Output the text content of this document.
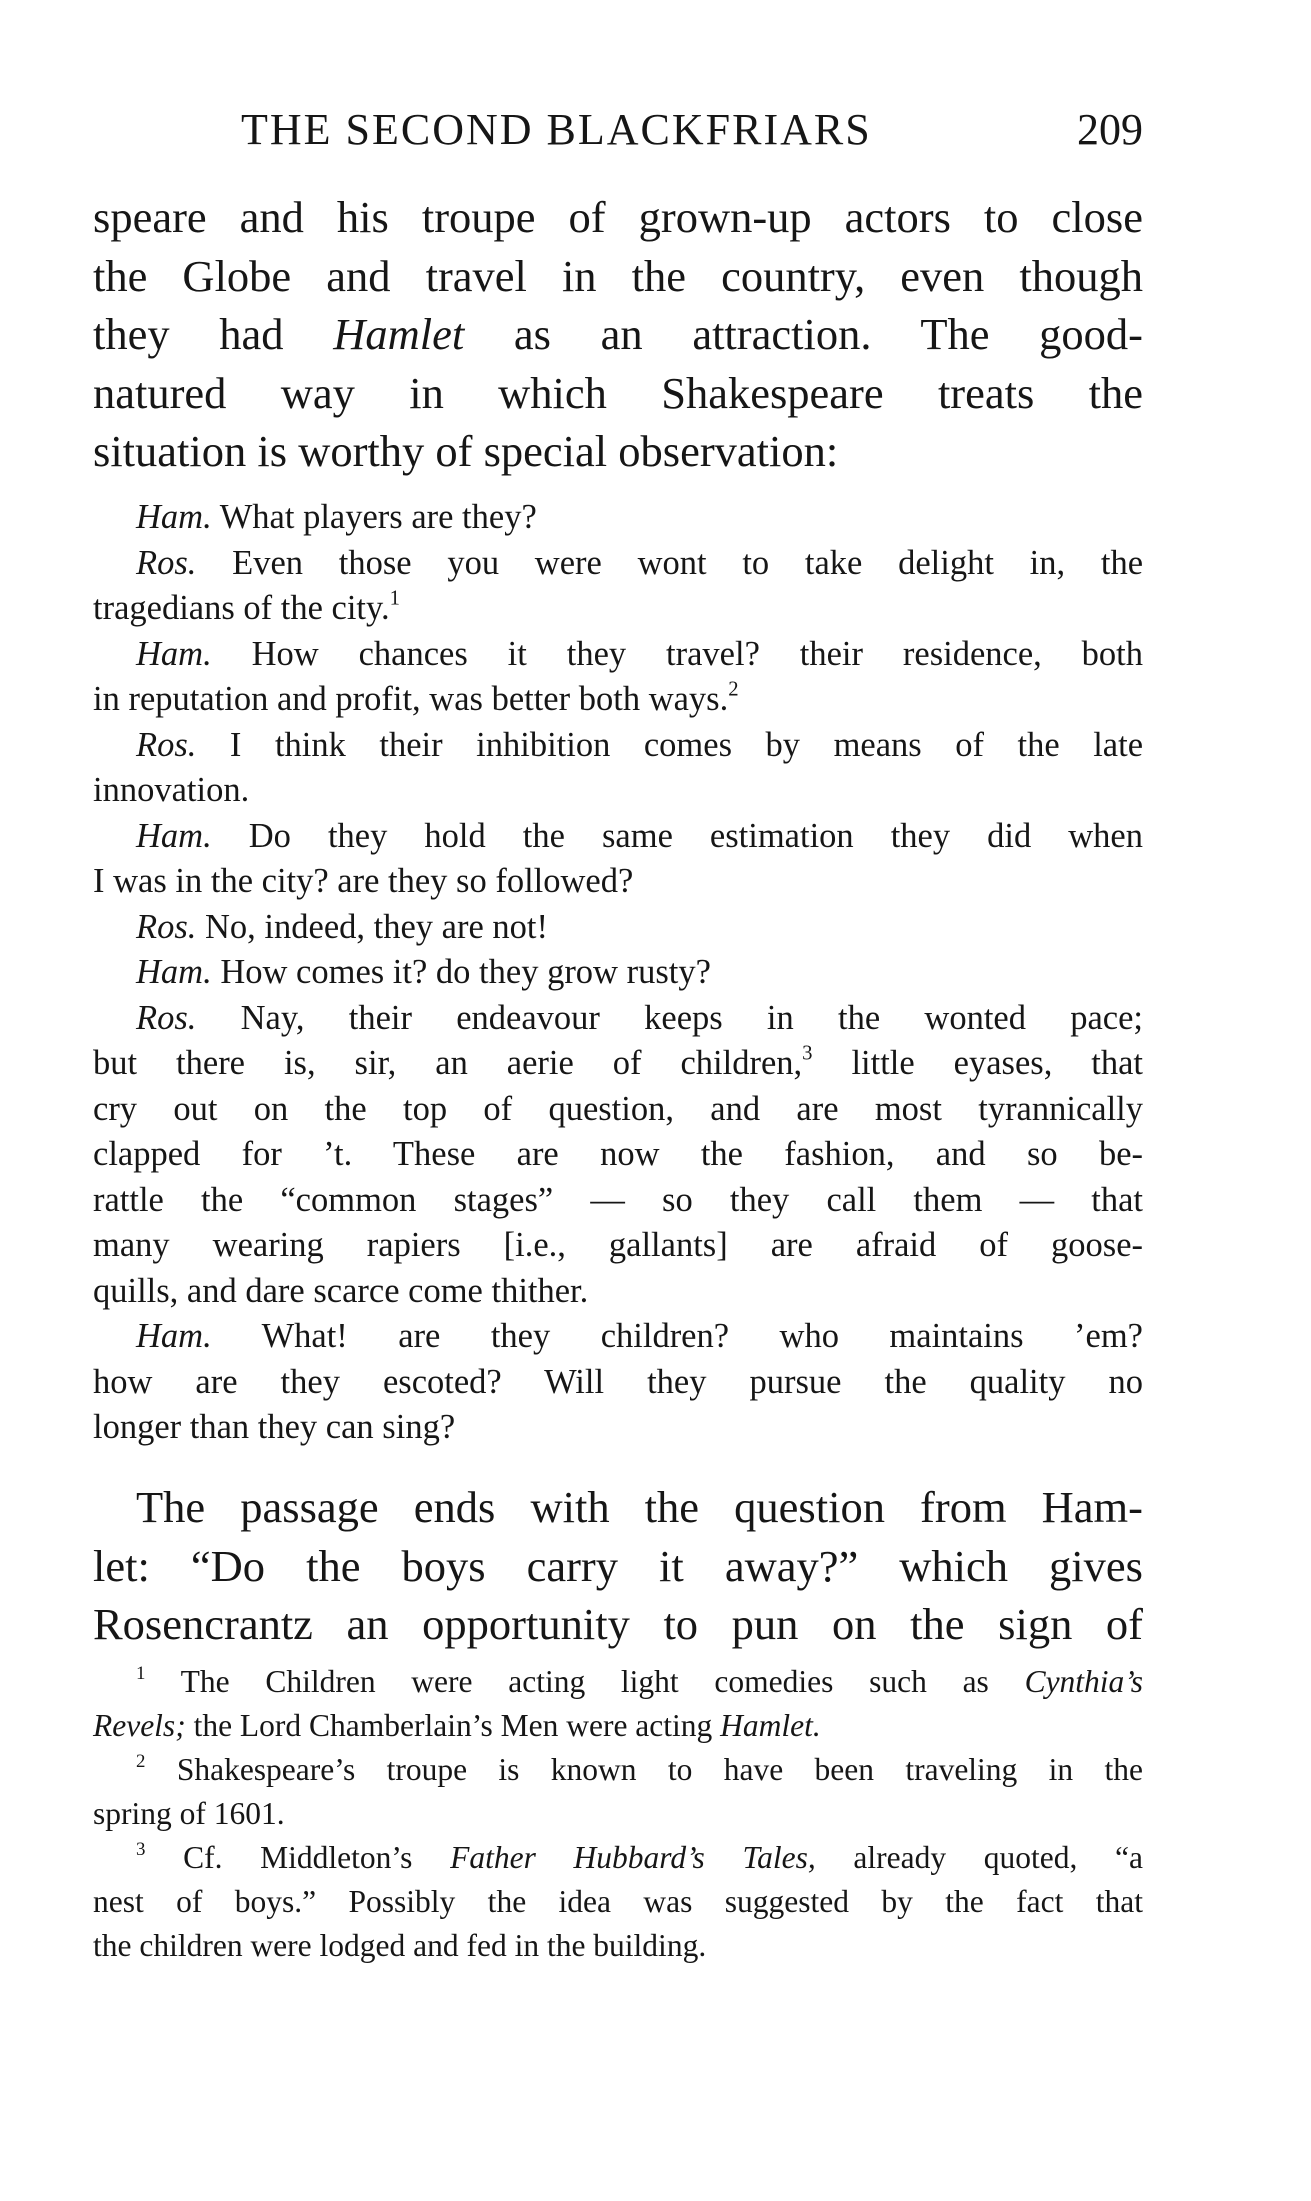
THE SECOND BLACKFRIARS	209
speare and his troupe of grown-up actors to close
the Globe and travel in the country, even though
they had Hamlet as an attraction. The good-
natured way in which Shakespeare treats the
situation is worthy of special observation:
Ham. What players are they?
Ros. Even those you were wont to take delight in, the
tragedians of the city.$^1$
Ham. How chances it they travel? their residence, both
in reputation and profit, was better both ways.$^2$
Ros. I think their inhibition comes by means of the late
innovation.
Ham. Do they hold the same estimation they did when
I was in the city? are they so followed?
Ros. No, indeed, they are not!
Ham. How comes it? do they grow rusty?
Ros. Nay, their endeavour keeps in the wonted pace;
but there is, sir, an aerie of children,$^3$ little eyases, that
cry out on the top of question, and are most tyrannically
clapped for ’t. These are now the fashion, and so be-
rattle the “common stages” — so they call them — that
many wearing rapiers [i.e., gallants] are afraid of goose-
quills, and dare scarce come thither.
Ham. What! are they children? who maintains ’em?
how are they escoted? Will they pursue the quality no
longer than they can sing?
The passage ends with the question from Ham-
let: “Do the boys carry it away?” which gives
Rosencrantz an opportunity to pun on the sign of
$^1$ The Children were acting light comedies such as Cynthia’s
Revels; the Lord Chamberlain’s Men were acting Hamlet.
$^2$ Shakespeare’s troupe is known to have been traveling in the
spring of 1601.
$^3$ Cf. Middleton’s Father Hubbard’s Tales, already quoted, “a
nest of boys.” Possibly the idea was suggested by the fact that
the children were lodged and fed in the building.
